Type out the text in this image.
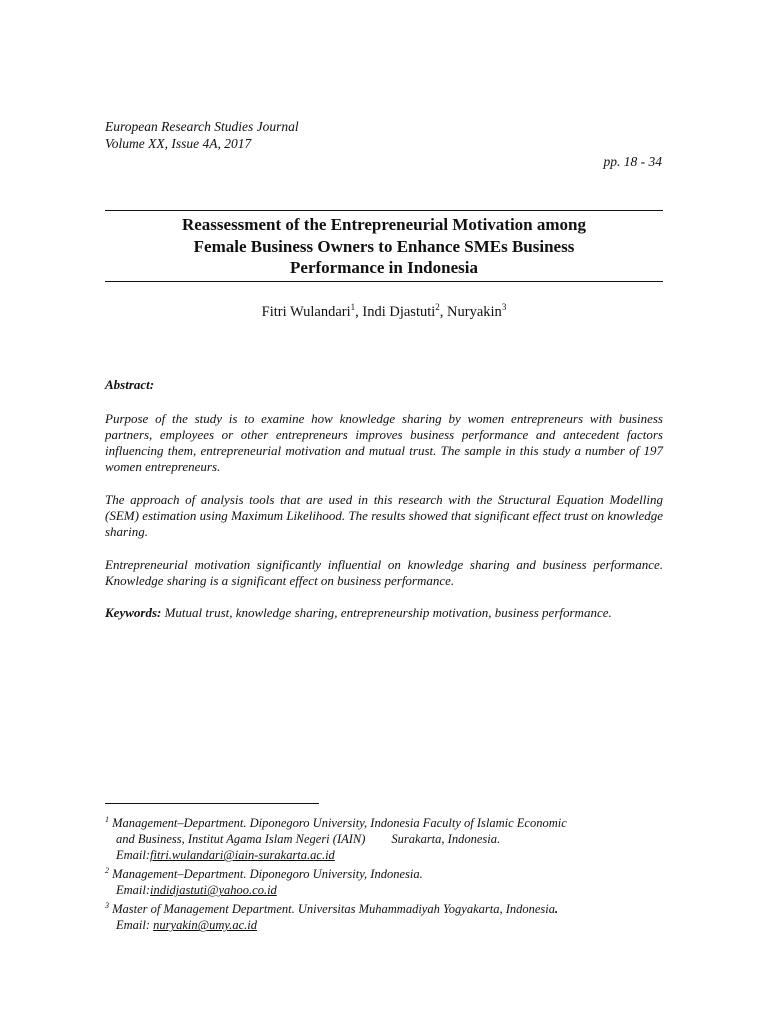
European Research Studies Journal
Volume XX, Issue 4A, 2017
pp. 18 - 34
Reassessment of the Entrepreneurial Motivation among
Female Business Owners to Enhance SMEs Business
Performance in Indonesia
Fitri Wulandari$^1$, Indi Djastuti$^2$, Nuryakin$^3$
Abstract:

Purpose of the study is to examine how knowledge sharing by women entrepreneurs with business partners, employees or other entrepreneurs improves business performance and antecedent factors influencing them, entrepreneurial motivation and mutual trust. The sample in this study a number of 197 women entrepreneurs.

The approach of analysis tools that are used in this research with the Structural Equation Modelling (SEM) estimation using Maximum Likelihood. The results showed that significant effect trust on knowledge sharing.

Entrepreneurial motivation significantly influential on knowledge sharing and business performance. Knowledge sharing is a significant effect on business performance.

Keywords: Mutual trust, knowledge sharing, entrepreneurship motivation, business performance.

$^1$ Management–Department. Diponegoro University, Indonesia Faculty of Islamic Economic
and Business, Institut Agama Islam Negeri (IAIN) Surakarta, Indonesia.
Email:fitri.wulandari@iain-surakarta.ac.id

$^2$ Management–Department. Diponegoro University, Indonesia.
Email:indidjastuti@yahoo.co.id

$^3$ Master of Management Department. Universitas Muhammadiyah Yogyakarta, Indonesia.
Email: nuryakin@umy.ac.id
